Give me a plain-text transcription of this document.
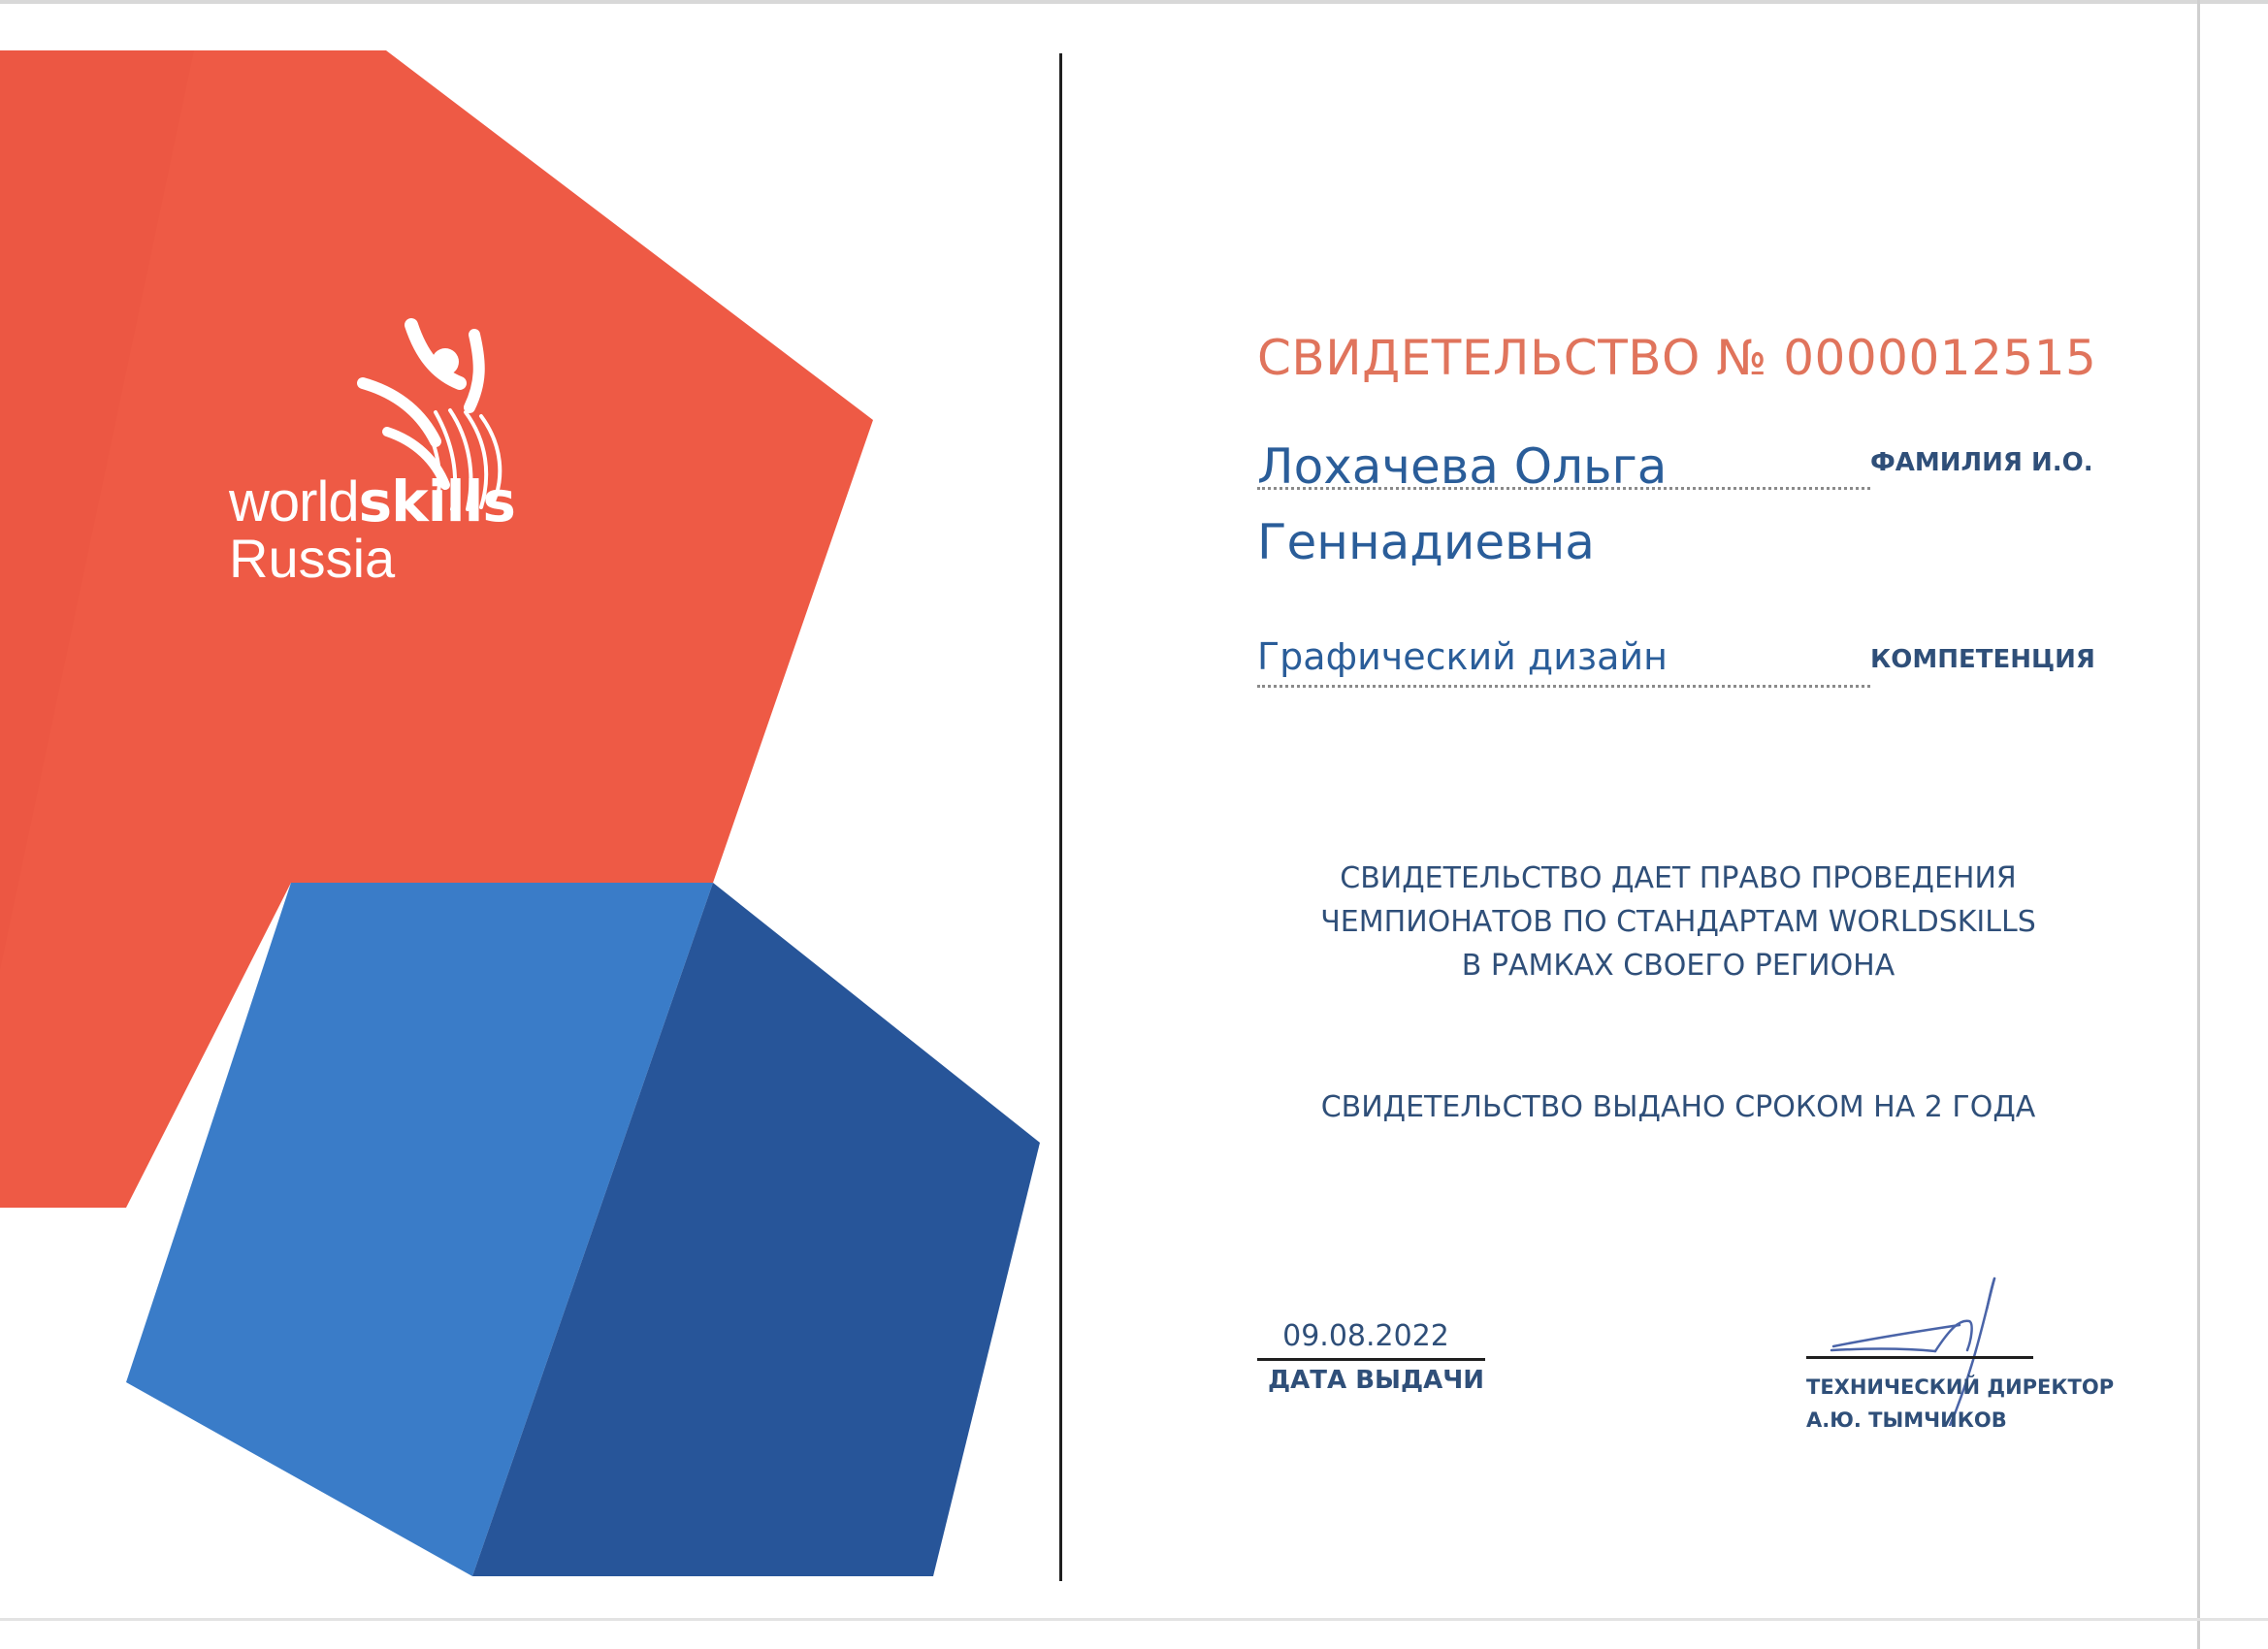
worldskills
Russia
СВИДЕТЕЛЬСТВО № 0000012515
Лохачева Ольга	ФАМИЛИЯ И.О.
Геннадиевна
Графический дизайн	КОМПЕТЕНЦИЯ
СВИДЕТЕЛЬСТВО ДАЕТ ПРАВО ПРОВЕДЕНИЯ
ЧЕМПИОНАТОВ ПО СТАНДАРТАМ WORLDSKILLS
В РАМКАХ СВОЕГО РЕГИОНА
СВИДЕТЕЛЬСТВО ВЫДАНО СРОКОМ НА 2 ГОДА
09.08.2022
ДАТА ВЫДАЧИ	ТЕХНИЧЕСКИЙ ДИРЕКТОР
А.Ю. ТЫМЧИКОВ
